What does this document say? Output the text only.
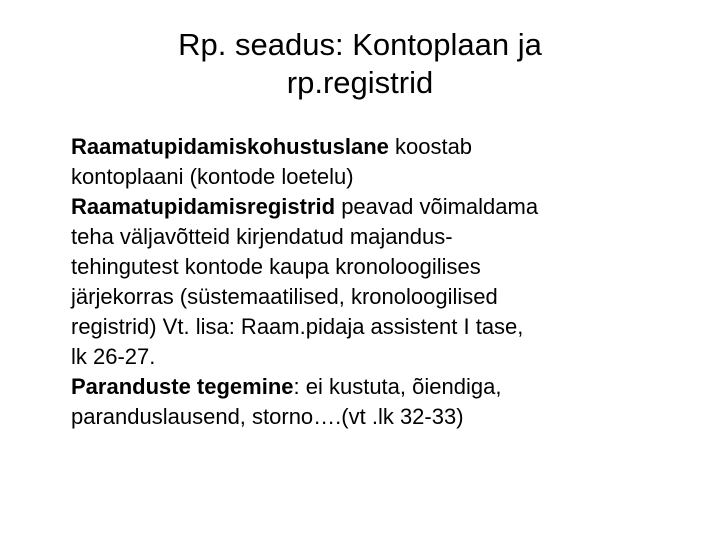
Rp. seadus: Kontoplaan ja
rp.registrid

Raamatupidamiskohustuslane koostab
kontoplaani (kontode loetelu)

Raamatupidamisregistrid peavad võimaldama
teha väljavõtteid kirjendatud majandus-
tehingutest kontode kaupa kronoloogilises
järjekorras (süstemaatilised, kronoloogilised
registrid) Vt. lisa: Raam.pidaja assistent I tase,
lk 26-27.

Paranduste tegemine: ei kustuta, õiendiga,
paranduslausend, storno….(vt .lk 32-33)
